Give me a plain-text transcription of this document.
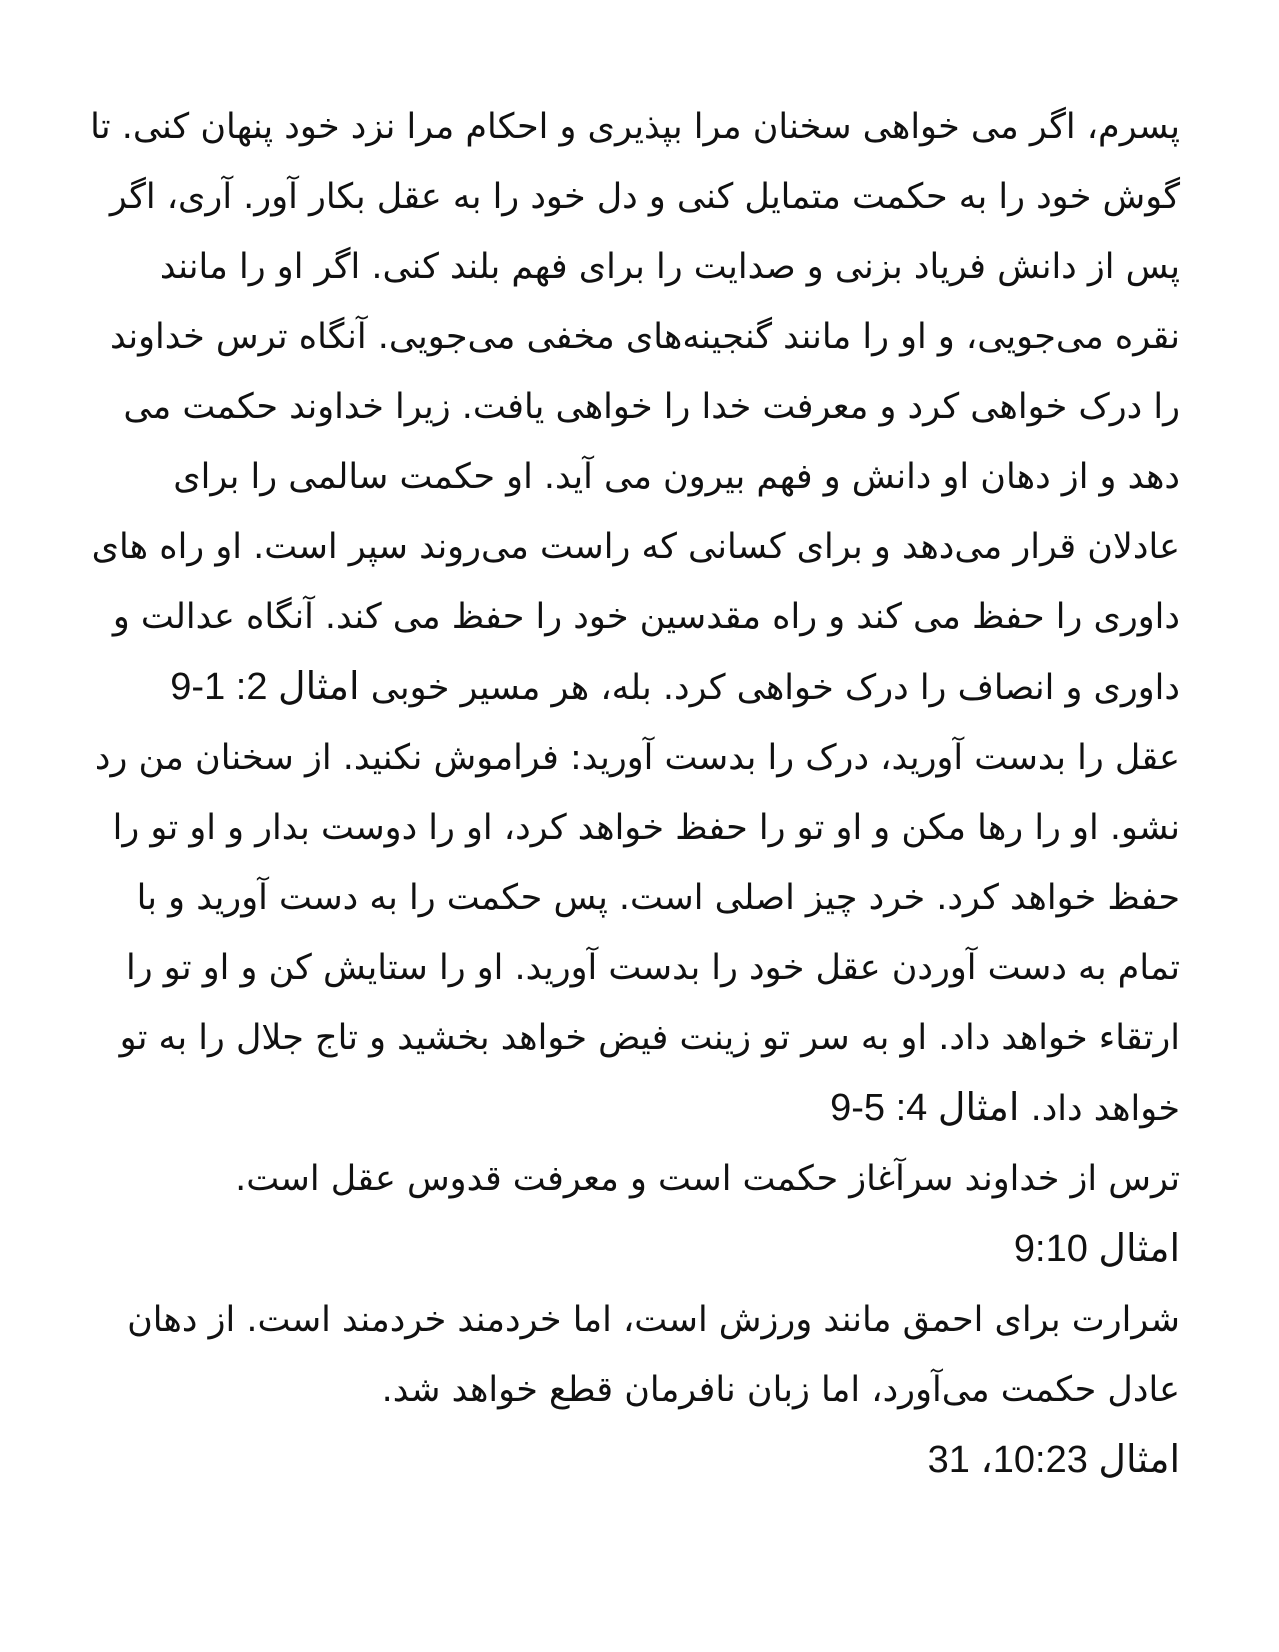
پسرم، اگر می خواهی سخنان مرا بپذیری و احکام مرا نزد خود پنهان کنی. تا گوش خود را به حکمت متمایل کنی و دل خود را به عقل بکار آور. آری، اگر پس از دانش فریاد بزنی و صدایت را برای فهم بلند کنی. اگر او را مانند نقره می‌جویی، و او را مانند گنجینه‌های مخفی می‌جویی. آنگاه ترس خداوند را درک خواهی کرد و معرفت خدا را خواهی یافت. زیرا خداوند حکمت می دهد و از دهان او دانش و فهم بیرون می آید. او حکمت سالمی را برای عادلان قرار می‌دهد و برای کسانی که راست می‌روند سپر است. او راه های داوری را حفظ می کند و راه مقدسین خود را حفظ می کند. آنگاه عدالت و داوری و انصاف را درک خواهی کرد. بله، هر مسیر خوبی امثال 2: 1-9

عقل را بدست آورید، درک را بدست آورید: فراموش نکنید. از سخنان من رد نشو. او را رها مکن و او تو را حفظ خواهد کرد، او را دوست بدار و او تو را حفظ خواهد کرد. خرد چیز اصلی است. پس حکمت را به دست آورید و با تمام به دست آوردن عقل خود را بدست آورید. او را ستایش کن و او تو را ارتقاء خواهد داد. او به سر تو زینت فیض خواهد بخشید و تاج جلال را به تو خواهد داد. امثال 4: 5-9

ترس از خداوند سرآغاز حکمت است و معرفت قدوس عقل است.
امثال 9:10

شرارت برای احمق مانند ورزش است، اما خردمند خردمند است. از دهان عادل حکمت می‌آورد، اما زبان نافرمان قطع خواهد شد.
امثال 10:23، 31
